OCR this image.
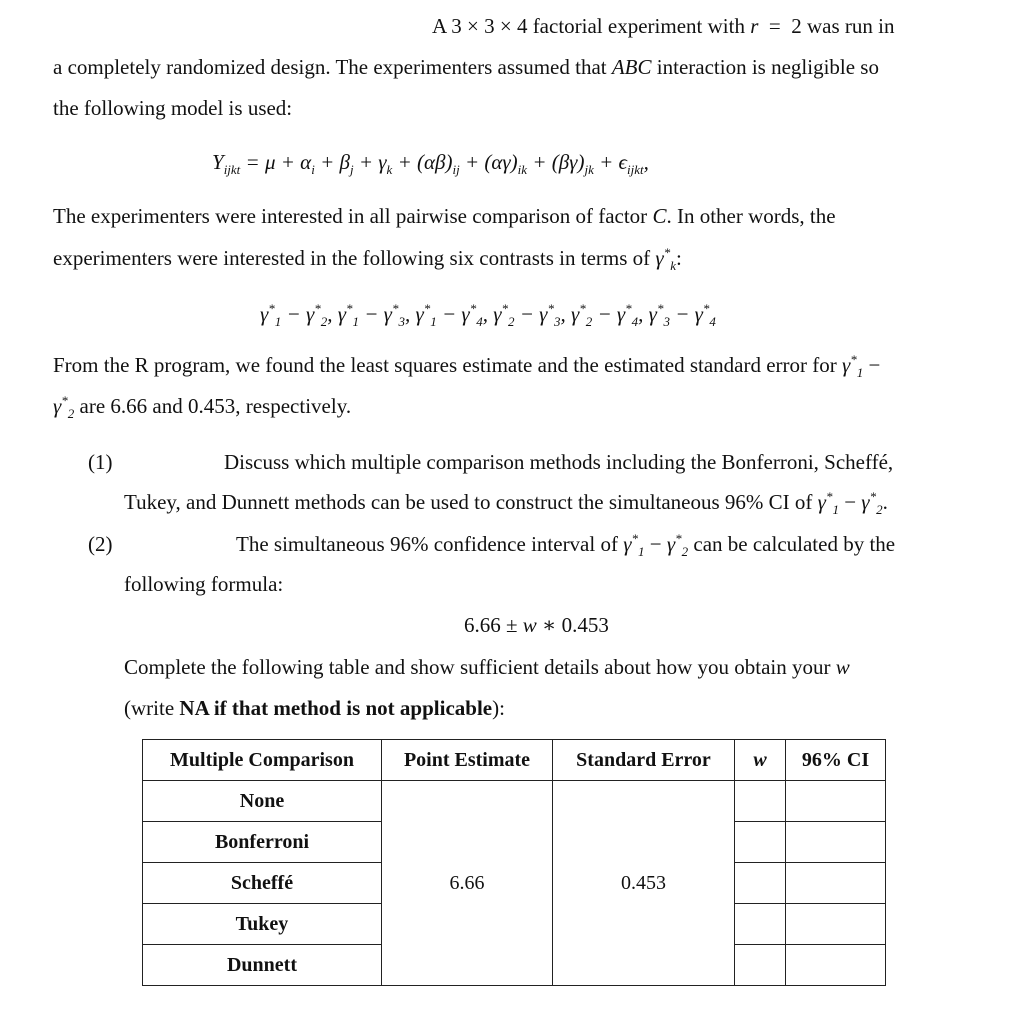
A 3 × 3 × 4 factorial experiment with r  =  2 was run in
a completely randomized design. The experimenters assumed that ABC interaction is negligible so
the following model is used:
$Y_{ijkt} = \mu + \alpha_i + \beta_j + \gamma_k + (\alpha\beta)_{ij} + (\alpha\gamma)_{ik} + (\beta\gamma)_{jk} + \epsilon_{ijkt}$,
The experimenters were interested in all pairwise comparison of factor C. In other words, the
experimenters were interested in the following six contrasts in terms of $\gamma^*_k$:
$\gamma^*_1 - \gamma^*_2$, $\gamma^*_1 - \gamma^*_3$, $\gamma^*_1 - \gamma^*_4$, $\gamma^*_2 - \gamma^*_3$, $\gamma^*_2 - \gamma^*_4$, $\gamma^*_3 - \gamma^*_4$
From the R program, we found the least squares estimate and the estimated standard error for $\gamma^*_1$ −
$\gamma^*_2$ are 6.66 and 0.453, respectively.
(1)	Discuss which multiple comparison methods including the Bonferroni, Scheffé,
Tukey, and Dunnett methods can be used to construct the simultaneous 96% CI of $\gamma^*_1 - \gamma^*_2$.
(2)	The simultaneous 96% confidence interval of $\gamma^*_1 - \gamma^*_2$ can be calculated by the
following formula:
6.66 ± w ∗ 0.453
Complete the following table and show sufficient details about how you obtain your w
(write NA if that method is not applicable):
Multiple Comparison	Point Estimate	Standard Error	w	96% CI
None	6.66	0.453		
Bonferroni				
Scheffé				
Tukey				
Dunnett				
